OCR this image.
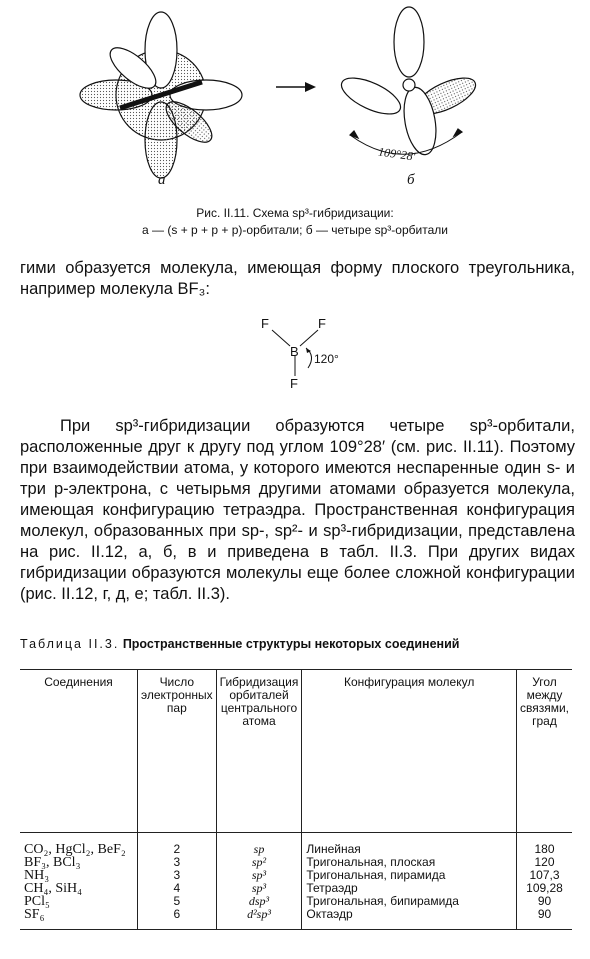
а	б
109°28′
Рис. II.11. Схема sp³-гибридизации:
а — (s + p + p + p)-орбитали; б — четыре sp³-орбитали
гими образуется молекула, имеющая форму плоского треугольника, например молекула BF₃:
F	F
B
F
120°
При sp³-гибридизации образуются четыре sp³-орбитали, расположенные друг к другу под углом 109°28′ (см. рис. II.11). Поэтому при взаимодействии атома, у которого имеются неспаренные один s- и три p-электрона, с четырьмя другими атомами образуется молекула, имеющая конфигурацию тетраэдра. Пространственная конфигурация молекул, образованных при sp-, sp²- и sp³-гибридизации, представлена на рис. II.12, а, б, в и приведена в табл. II.3. При других видах гибридизации образуются молекулы еще более сложной конфигурации (рис. II.12, г, д, е; табл. II.3).
Таблица II.3. Пространственные структуры некоторых соединений
Соединения	Число электронных пар	Гибридизация орбиталей центрального атома	Конфигурация молекул	Угол между связями, град
CO₂, HgCl₂, BeF₂	2	sp	Линейная	180
BF₃, BCl₃	3	sp²	Тригональная, плоская	120
NH₃	3	sp³	Тригональная, пирамида	107,3
CH₄, SiH₄	4	sp³	Тетраэдр	109,28
PCl₅	5	dsp³	Тригональная, бипирамида	90
SF₆	6	d²sp³	Октаэдр	90
